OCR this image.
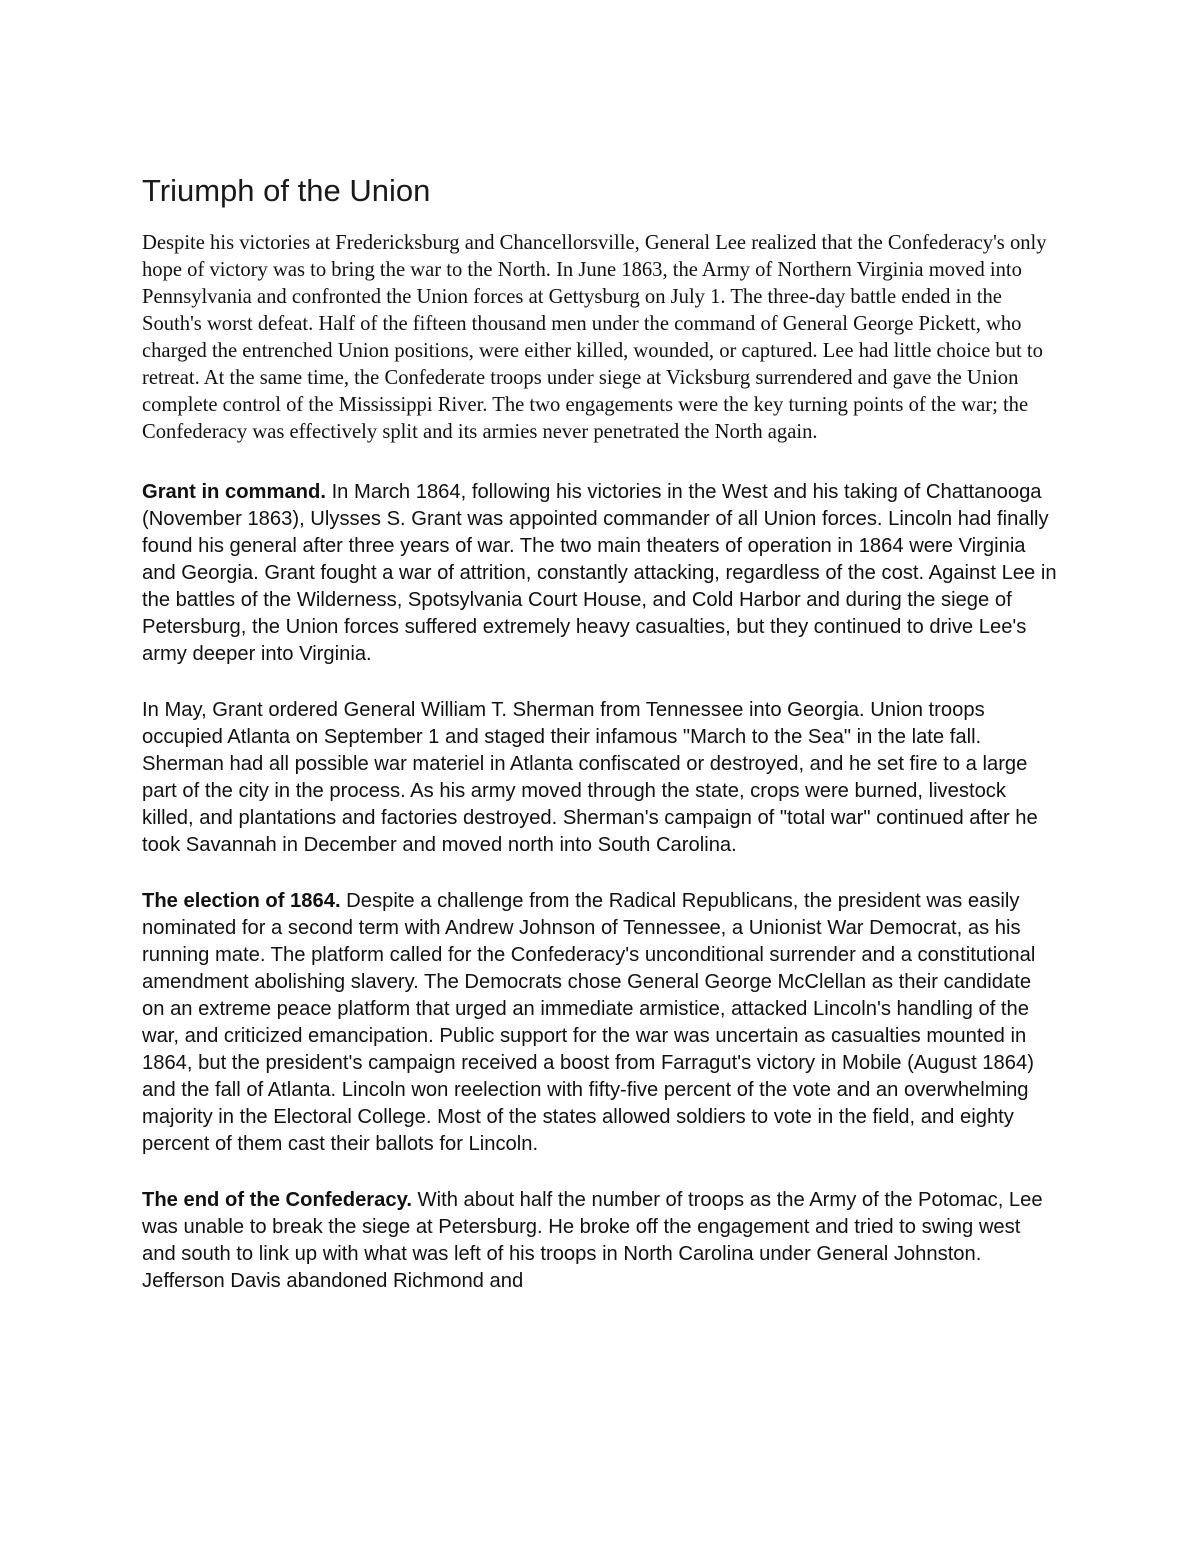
Triumph of the Union

Despite his victories at Fredericksburg and Chancellorsville, General Lee realized that the Confederacy's only hope of victory was to bring the war to the North. In June 1863, the Army of Northern Virginia moved into Pennsylvania and confronted the Union forces at Gettysburg on July 1. The three-day battle ended in the South's worst defeat. Half of the fifteen thousand men under the command of General George Pickett, who charged the entrenched Union positions, were either killed, wounded, or captured. Lee had little choice but to retreat. At the same time, the Confederate troops under siege at Vicksburg surrendered and gave the Union complete control of the Mississippi River. The two engagements were the key turning points of the war; the Confederacy was effectively split and its armies never penetrated the North again.

Grant in command. In March 1864, following his victories in the West and his taking of Chattanooga (November 1863), Ulysses S. Grant was appointed commander of all Union forces. Lincoln had finally found his general after three years of war. The two main theaters of operation in 1864 were Virginia and Georgia. Grant fought a war of attrition, constantly attacking, regardless of the cost. Against Lee in the battles of the Wilderness, Spotsylvania Court House, and Cold Harbor and during the siege of Petersburg, the Union forces suffered extremely heavy casualties, but they continued to drive Lee's army deeper into Virginia.

In May, Grant ordered General William T. Sherman from Tennessee into Georgia. Union troops occupied Atlanta on September 1 and staged their infamous "March to the Sea" in the late fall. Sherman had all possible war materiel in Atlanta confiscated or destroyed, and he set fire to a large part of the city in the process. As his army moved through the state, crops were burned, livestock killed, and plantations and factories destroyed. Sherman's campaign of "total war" continued after he took Savannah in December and moved north into South Carolina.

The election of 1864. Despite a challenge from the Radical Republicans, the president was easily nominated for a second term with Andrew Johnson of Tennessee, a Unionist War Democrat, as his running mate. The platform called for the Confederacy's unconditional surrender and a constitutional amendment abolishing slavery. The Democrats chose General George McClellan as their candidate on an extreme peace platform that urged an immediate armistice, attacked Lincoln's handling of the war, and criticized emancipation. Public support for the war was uncertain as casualties mounted in 1864, but the president's campaign received a boost from Farragut's victory in Mobile (August 1864) and the fall of Atlanta. Lincoln won reelection with fifty-five percent of the vote and an overwhelming majority in the Electoral College. Most of the states allowed soldiers to vote in the field, and eighty percent of them cast their ballots for Lincoln.

The end of the Confederacy. With about half the number of troops as the Army of the Potomac, Lee was unable to break the siege at Petersburg. He broke off the engagement and tried to swing west and south to link up with what was left of his troops in North Carolina under General Johnston. Jefferson Davis abandoned Richmond and
